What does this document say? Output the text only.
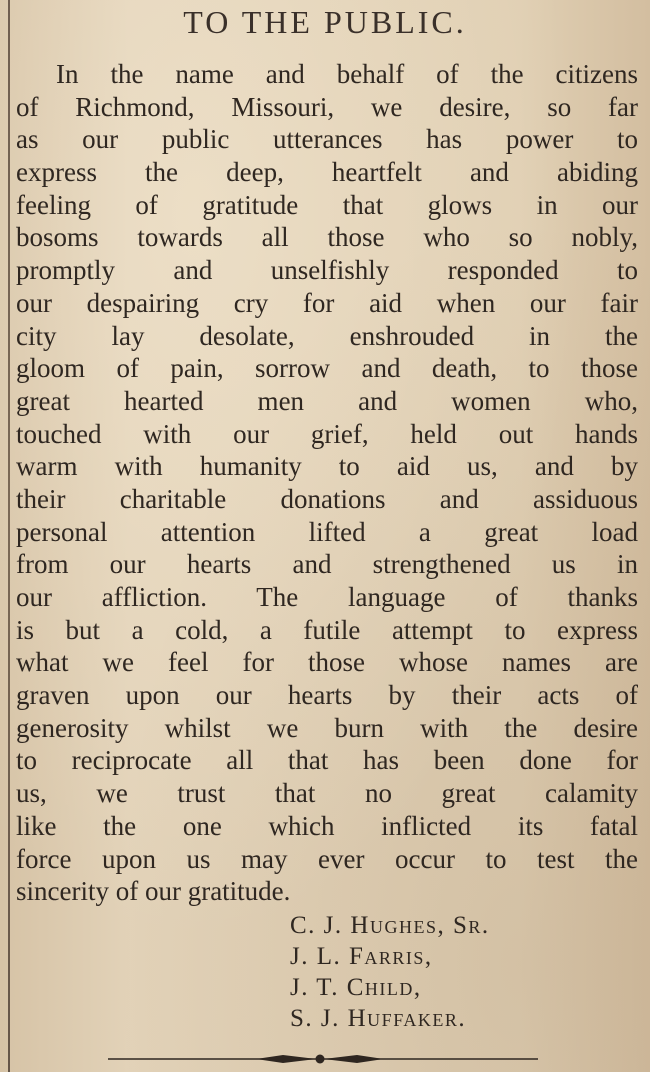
TO THE PUBLIC.
In the name and behalf of the citizens
of Richmond, Missouri, we desire, so far
as our public utterances has power to
express the deep, heartfelt and abiding
feeling of gratitude that glows in our
bosoms towards all those who so nobly,
promptly and unselfishly responded to
our despairing cry for aid when our fair
city lay desolate, enshrouded in the
gloom of pain, sorrow and death, to those
great hearted men and women who,
touched with our grief, held out hands
warm with humanity to aid us, and by
their charitable donations and assiduous
personal attention lifted a great load
from our hearts and strengthened us in
our affliction. The language of thanks
is but a cold, a futile attempt to express
what we feel for those whose names are
graven upon our hearts by their acts of
generosity whilst we burn with the desire
to reciprocate all that has been done for
us, we trust that no great calamity
like the one which inflicted its fatal
force upon us may ever occur to test the
sincerity of our gratitude.
C. J. Hughes, Sr.
J. L. Farris,
J. T. Child,
S. J. Huffaker.
